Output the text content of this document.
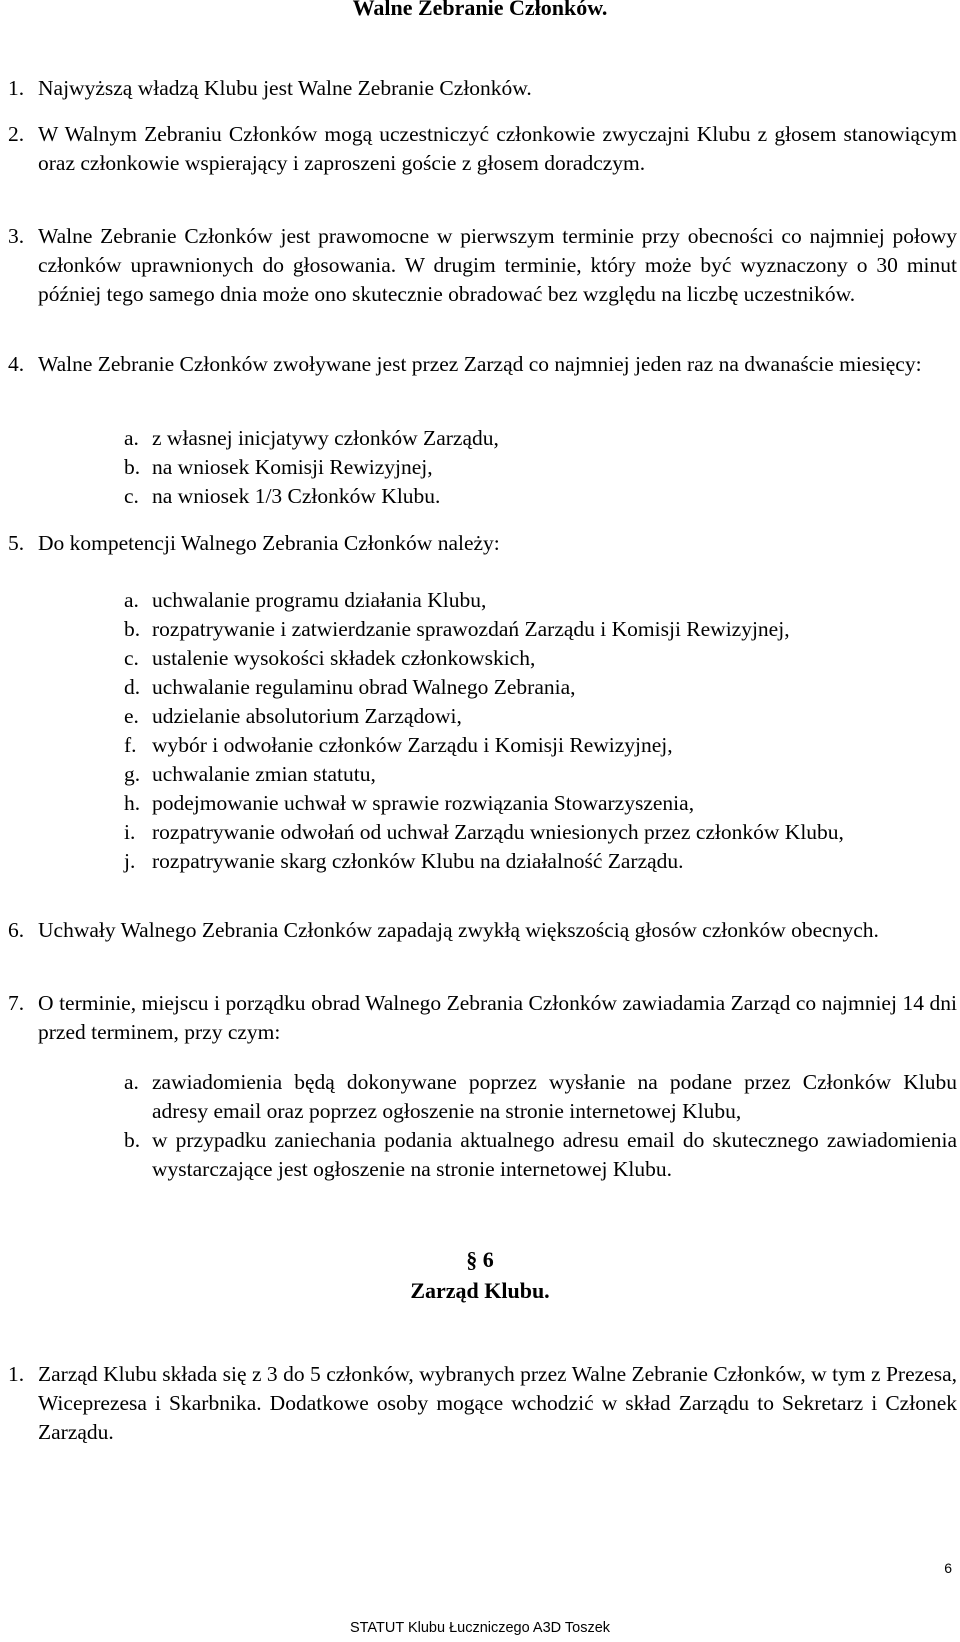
Walne Zebranie Członków.
1. Najwyższą władzą Klubu jest Walne Zebranie Członków.
2. W Walnym Zebraniu Członków mogą uczestniczyć członkowie zwyczajni Klubu z głosem stanowiącym oraz członkowie wspierający i zaproszeni goście z głosem doradczym.
3. Walne Zebranie Członków jest prawomocne w pierwszym terminie przy obecności co najmniej połowy członków uprawnionych do głosowania. W drugim terminie, który może być wyznaczony o 30 minut później tego samego dnia może ono skutecznie obradować bez względu na liczbę uczestników.
4. Walne Zebranie Członków zwoływane jest przez Zarząd co najmniej jeden raz na dwanaście miesięcy:
a. z własnej inicjatywy członków Zarządu,
b. na wniosek Komisji Rewizyjnej,
c. na wniosek 1/3 Członków Klubu.
5. Do kompetencji Walnego Zebrania Członków należy:
a. uchwalanie programu działania Klubu,
b. rozpatrywanie i zatwierdzanie sprawozdań Zarządu i Komisji Rewizyjnej,
c. ustalenie wysokości składek członkowskich,
d. uchwalanie regulaminu obrad Walnego Zebrania,
e. udzielanie absolutorium Zarządowi,
f. wybór i odwołanie członków Zarządu i Komisji Rewizyjnej,
g. uchwalanie zmian statutu,
h. podejmowanie uchwał w sprawie rozwiązania Stowarzyszenia,
i. rozpatrywanie odwołań od uchwał Zarządu wniesionych przez członków Klubu,
j. rozpatrywanie skarg członków Klubu na działalność Zarządu.
6. Uchwały Walnego Zebrania Członków zapadają zwykłą większością głosów członków obecnych.
7. O terminie, miejscu i porządku obrad Walnego Zebrania Członków zawiadamia Zarząd co najmniej 14 dni przed terminem, przy czym:
a. zawiadomienia będą dokonywane poprzez wysłanie na podane przez Członków Klubu adresy email oraz poprzez ogłoszenie na stronie internetowej Klubu,
b. w przypadku zaniechania podania aktualnego adresu email do skutecznego zawiadomienia wystarczające jest ogłoszenie na stronie internetowej Klubu.
§ 6
Zarząd Klubu.
1. Zarząd Klubu składa się z 3 do 5 członków, wybranych przez Walne Zebranie Członków, w tym z Prezesa, Wiceprezesa i Skarbnika. Dodatkowe osoby mogące wchodzić w skład Zarządu to Sekretarz i Członek Zarządu.
6
STATUT Klubu Łuczniczego A3D Toszek
